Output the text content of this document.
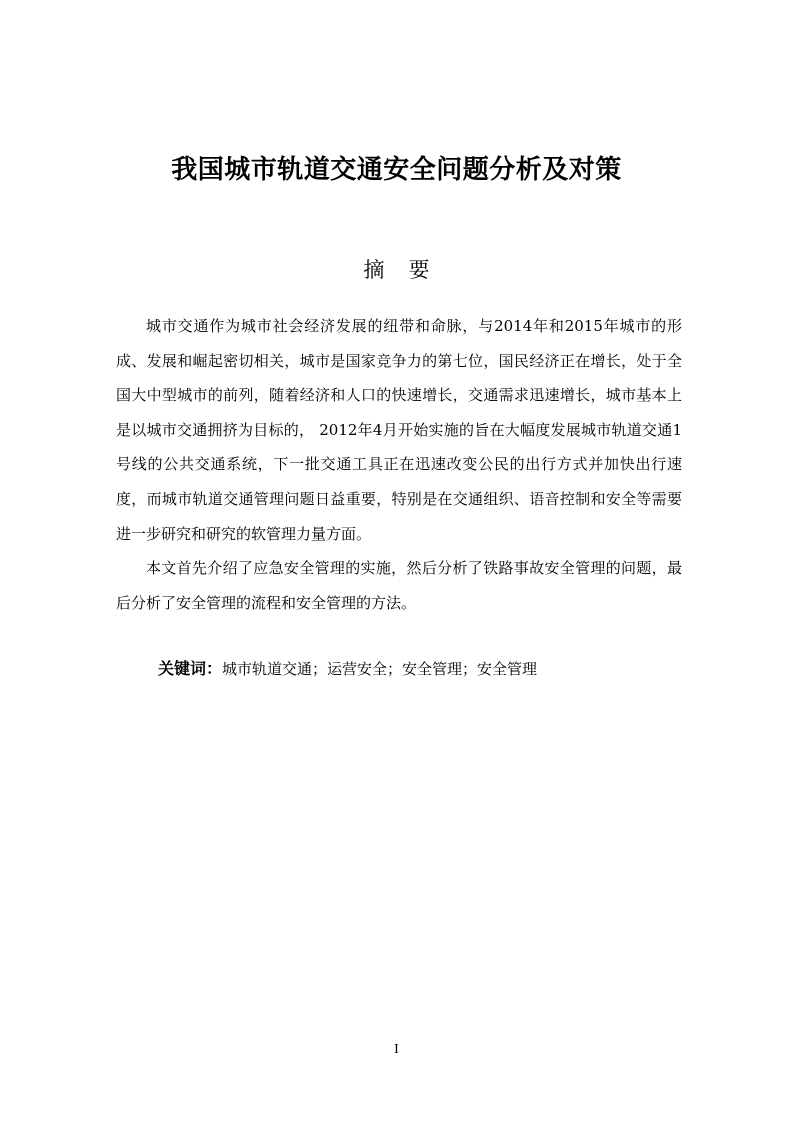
我国城市轨道交通安全问题分析及对策
摘要

城市交通作为城市社会经济发展的纽带和命脉，与2014年和2015年城市的形成、发展和崛起密切相关，城市是国家竞争力的第七位，国民经济正在增长，处于全国大中型城市的前列，随着经济和人口的快速增长，交通需求迅速增长，城市基本上是以城市交通拥挤为目标的， 2012年4月开始实施的旨在大幅度发展城市轨道交通1号线的公共交通系统，下一批交通工具正在迅速改变公民的出行方式并加快出行速度，而城市轨道交通管理问题日益重要，特别是在交通组织、语音控制和安全等需要进一步研究和研究的软管理力量方面。

本文首先介绍了应急安全管理的实施，然后分析了铁路事故安全管理的问题，最后分析了安全管理的流程和安全管理的方法。

关键词：城市轨道交通；运营安全；安全管理；安全管理
I
